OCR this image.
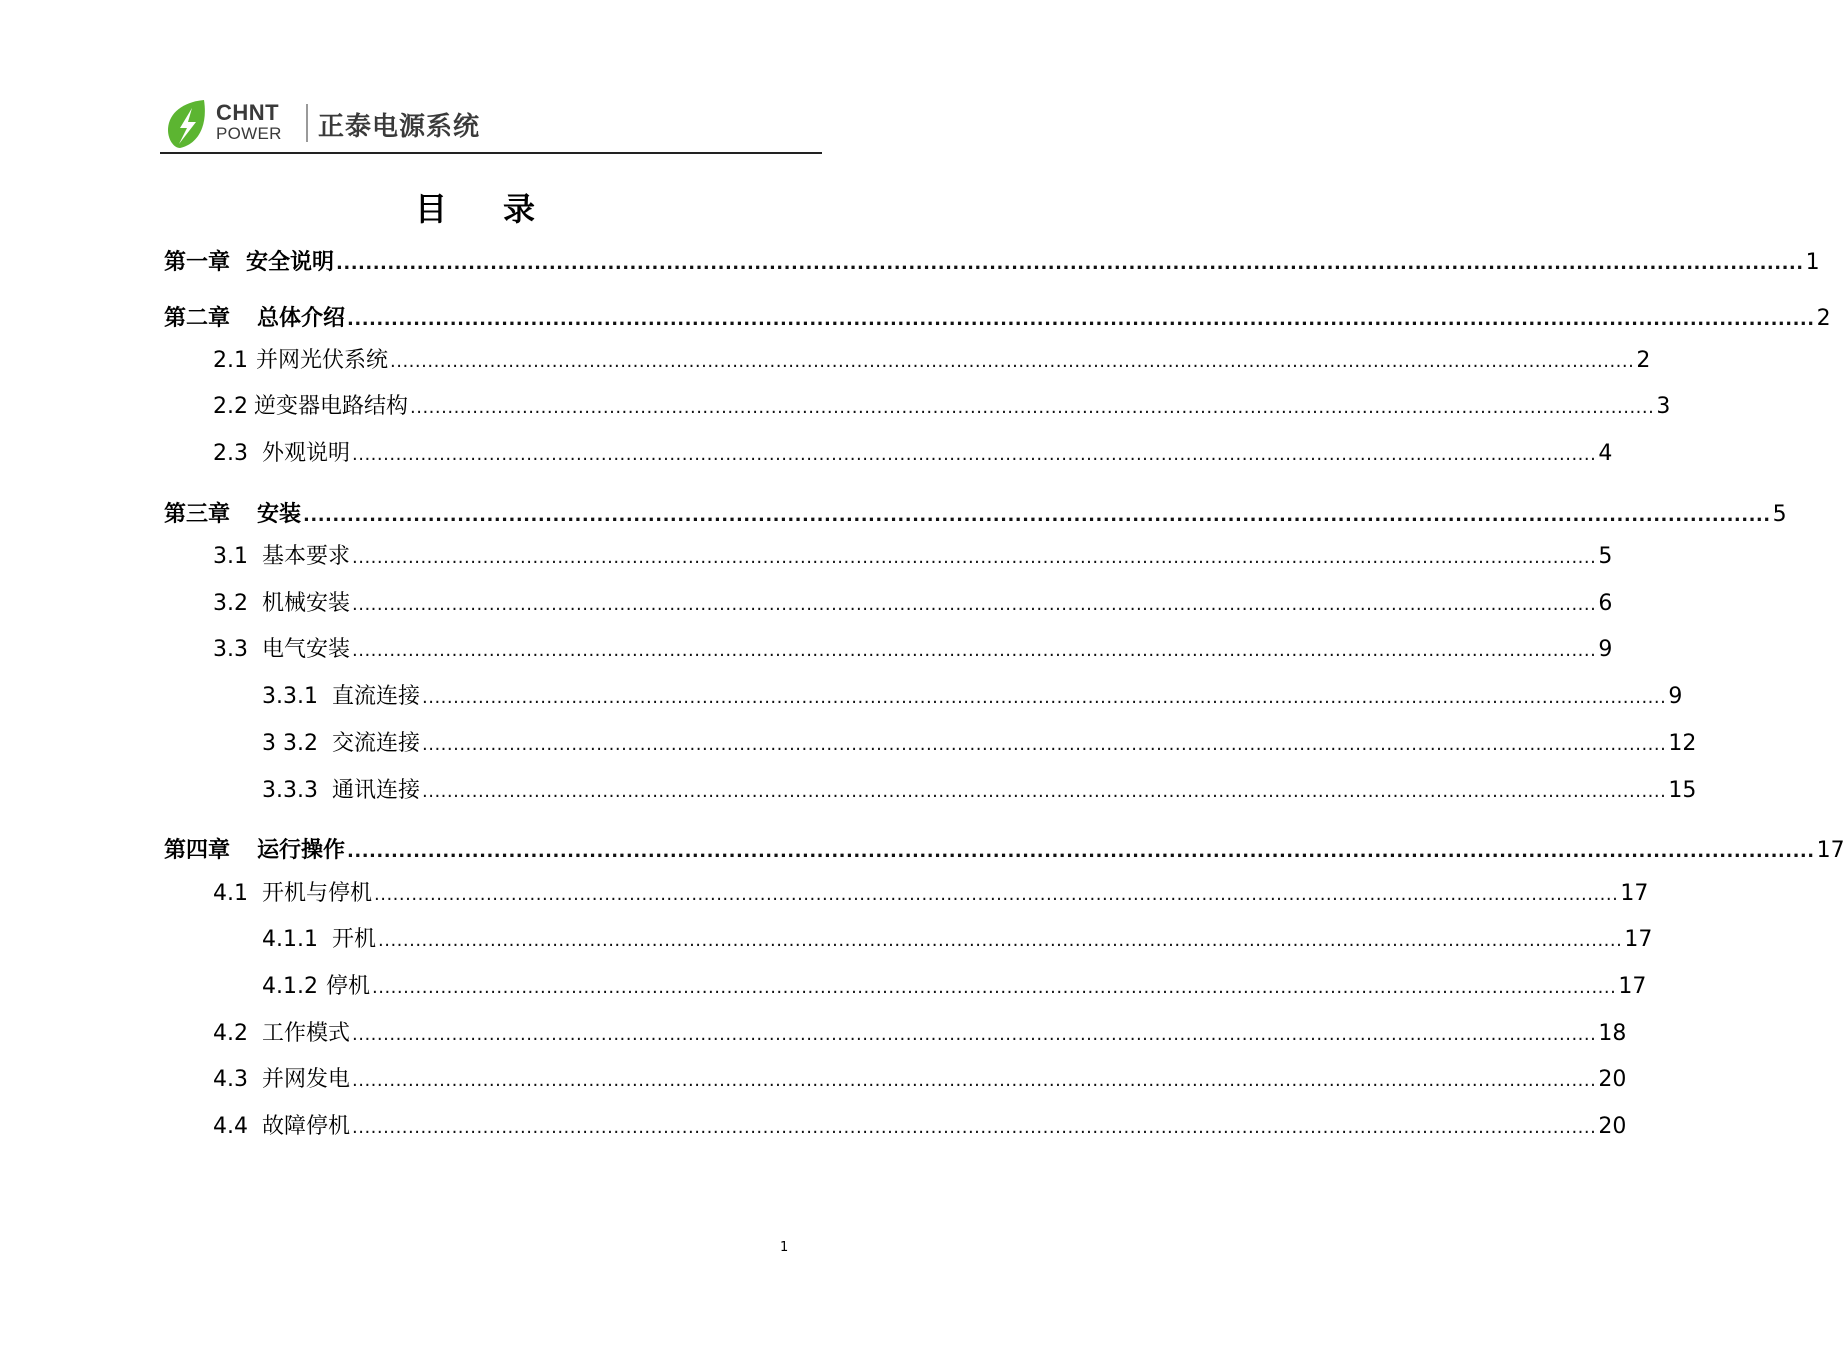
CHNT
POWER	正泰电源系统
目 录
第一章 安全说明 ........................................................................................................................................................................................................ 1
第二章 总体介绍 ........................................................................................................................................................................................................ 2
2.1 并网光伏系统 ........................................................................................................................................................................................................ 2
2.2 逆变器电路结构 ........................................................................................................................................................................................................ 3
2.3 外观说明 ........................................................................................................................................................................................................ 4
第三章 安装 ........................................................................................................................................................................................................ 5
3.1 基本要求 ........................................................................................................................................................................................................ 5
3.2 机械安装 ........................................................................................................................................................................................................ 6
3.3 电气安装 ........................................................................................................................................................................................................ 9
3.3.1 直流连接 ........................................................................................................................................................................................................ 9
3 3.2 交流连接 ........................................................................................................................................................................................................ 12
3.3.3 通讯连接 ........................................................................................................................................................................................................ 15
第四章 运行操作 ........................................................................................................................................................................................................ 17
4.1 开机与停机 ........................................................................................................................................................................................................ 17
4.1.1 开机 ........................................................................................................................................................................................................ 17
4.1.2 停机 ........................................................................................................................................................................................................ 17
4.2 工作模式 ........................................................................................................................................................................................................ 18
4.3 并网发电 ........................................................................................................................................................................................................ 20
4.4 故障停机 ........................................................................................................................................................................................................ 20
1
